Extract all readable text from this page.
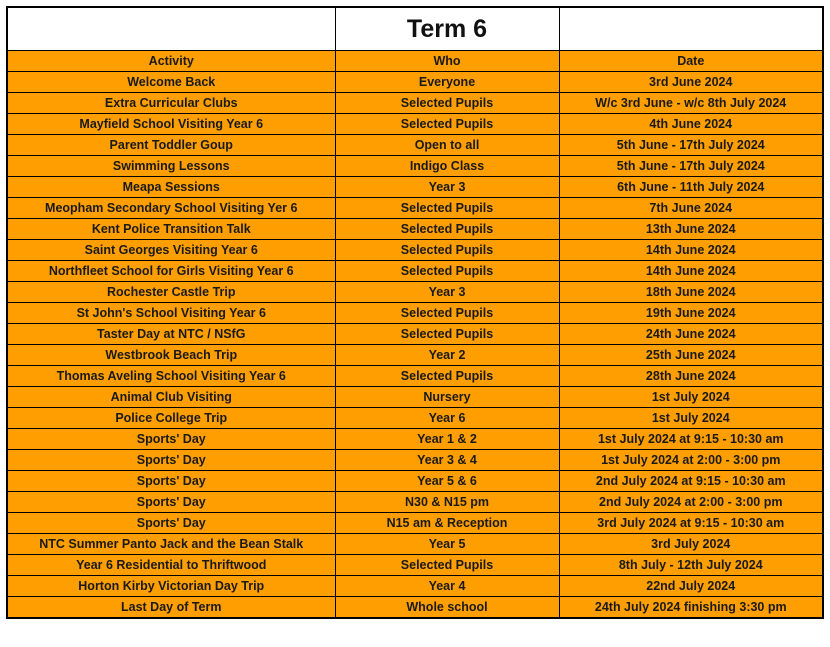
	Term 6	
Activity	Who	Date
Welcome Back	Everyone	3rd June 2024
Extra Curricular Clubs	Selected Pupils	W/c 3rd June - w/c 8th July 2024
Mayfield School Visiting Year 6	Selected Pupils	4th June 2024
Parent Toddler Goup	Open to all	5th June - 17th July 2024
Swimming Lessons	Indigo Class	5th June - 17th July 2024
Meapa Sessions	Year 3	6th June - 11th July 2024
Meopham Secondary School Visiting Yer 6	Selected Pupils	7th June 2024
Kent Police Transition Talk	Selected Pupils	13th June 2024
Saint Georges Visiting Year 6	Selected Pupils	14th June 2024
Northfleet School for Girls Visiting Year 6	Selected Pupils	14th June 2024
Rochester Castle Trip	Year 3	18th June 2024
St John's School Visiting Year 6	Selected Pupils	19th June 2024
Taster Day at NTC / NSfG	Selected Pupils	24th June 2024
Westbrook Beach Trip	Year 2	25th June 2024
Thomas Aveling School Visiting Year 6	Selected Pupils	28th June 2024
Animal Club Visiting	Nursery	1st July 2024
Police College Trip	Year 6	1st July 2024
Sports' Day	Year 1 & 2	1st July 2024 at 9:15 - 10:30 am
Sports' Day	Year 3 & 4	1st July 2024 at 2:00 - 3:00 pm
Sports' Day	Year 5 & 6	2nd July 2024 at 9:15 - 10:30 am
Sports' Day	N30 & N15 pm	2nd July 2024 at 2:00 - 3:00 pm
Sports' Day	N15 am & Reception	3rd July 2024 at 9:15 - 10:30 am
NTC Summer Panto Jack and the Bean Stalk	Year 5	3rd July 2024
Year 6 Residential to Thriftwood	Selected Pupils	8th July - 12th July 2024
Horton Kirby Victorian Day Trip	Year 4	22nd July 2024
Last Day of Term	Whole school	24th July 2024 finishing 3:30 pm
